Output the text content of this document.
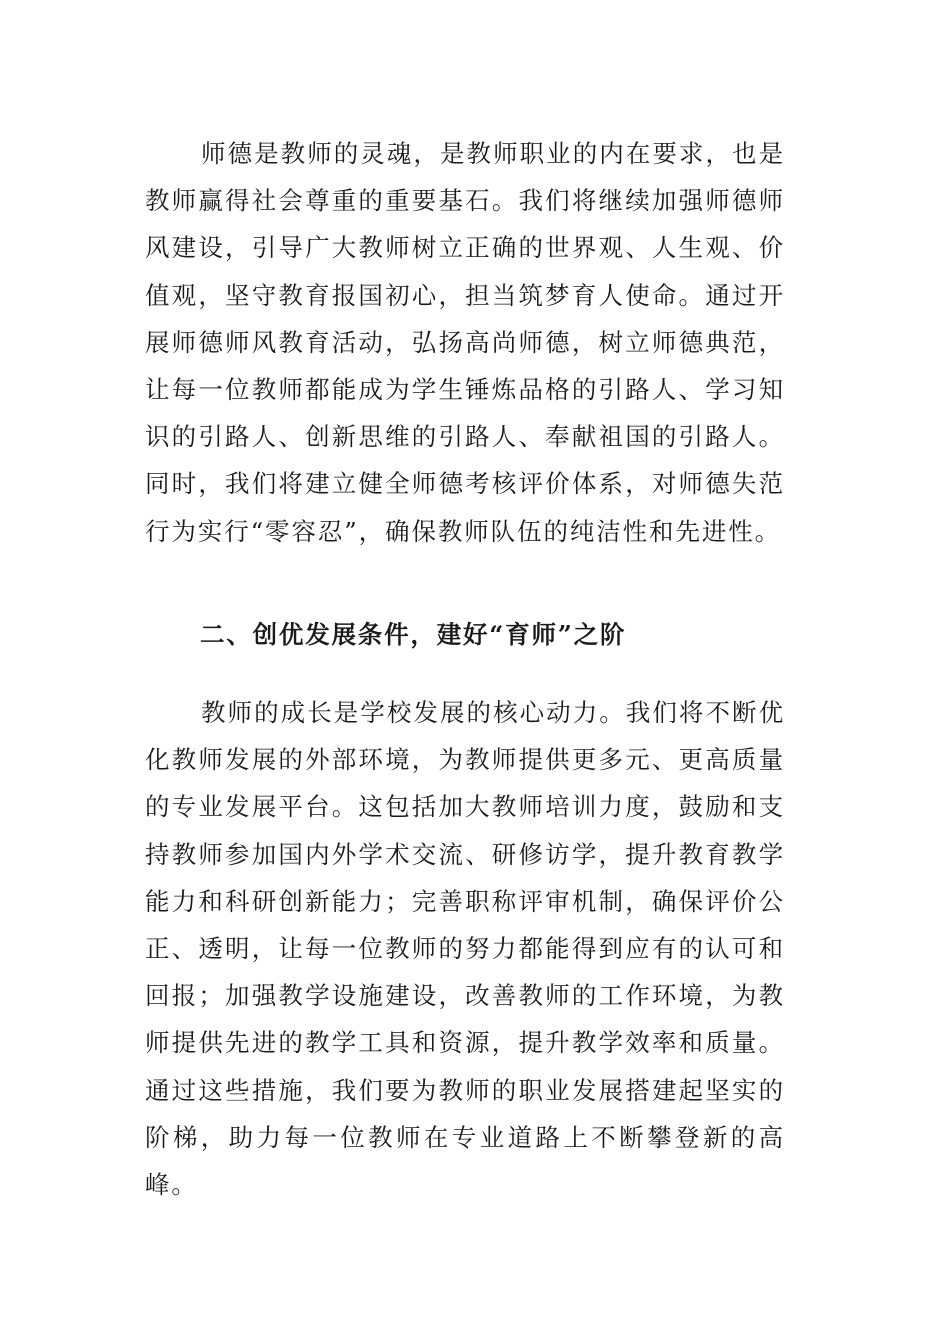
师德是教师的灵魂，是教师职业的内在要求，也是教师赢得社会尊重的重要基石。我们将继续加强师德师风建设，引导广大教师树立正确的世界观、人生观、价值观，坚守教育报国初心，担当筑梦育人使命。通过开展师德师风教育活动，弘扬高尚师德，树立师德典范，让每一位教师都能成为学生锤炼品格的引路人、学习知识的引路人、创新思维的引路人、奉献祖国的引路人。同时，我们将建立健全师德考核评价体系，对师德失范行为实行“零容忍”，确保教师队伍的纯洁性和先进性。

二、创优发展条件，建好“育师”之阶

教师的成长是学校发展的核心动力。我们将不断优化教师发展的外部环境，为教师提供更多元、更高质量的专业发展平台。这包括加大教师培训力度，鼓励和支持教师参加国内外学术交流、研修访学，提升教育教学能力和科研创新能力；完善职称评审机制，确保评价公正、透明，让每一位教师的努力都能得到应有的认可和回报；加强教学设施建设，改善教师的工作环境，为教师提供先进的教学工具和资源，提升教学效率和质量。通过这些措施，我们要为教师的职业发展搭建起坚实的阶梯，助力每一位教师在专业道路上不断攀登新的高峰。
